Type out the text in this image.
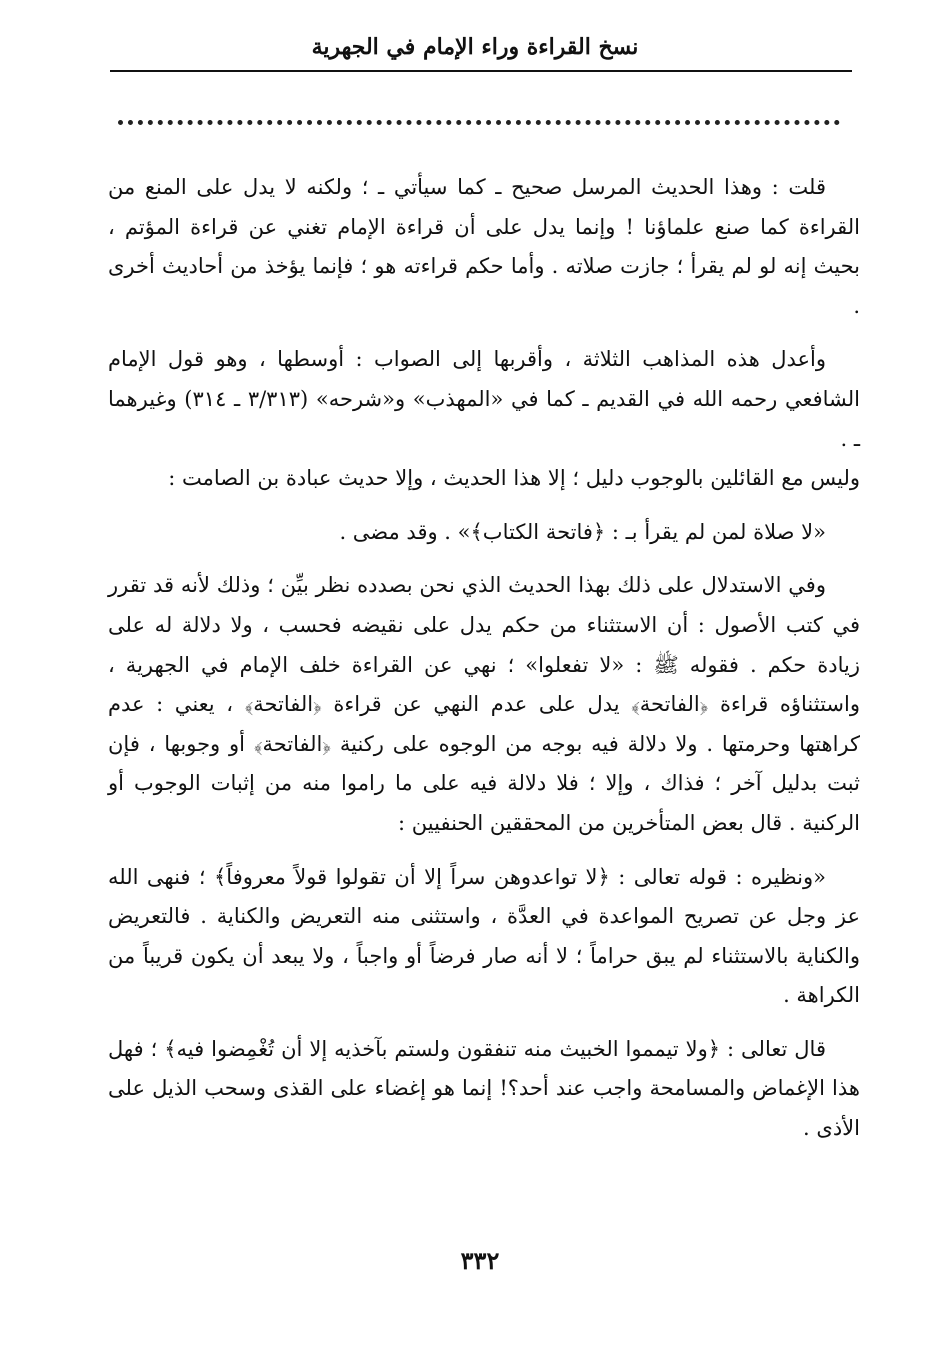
نسخ القراءة وراء الإمام في الجهرية

قلت : وهذا الحديث المرسل صحيح ـ كما سيأتي ـ ؛ ولكنه لا يدل على المنع من القراءة كما صنع علماؤنا ! وإنما يدل على أن قراءة الإمام تغني عن قراءة المؤتم ، بحيث إنه لو لم يقرأ ؛ جازت صلاته . وأما حكم قراءته هو ؛ فإنما يؤخذ من أحاديث أخرى .

وأعدل هذه المذاهب الثلاثة ، وأقربها إلى الصواب : أوسطها ، وهو قول الإمام الشافعي رحمه الله في القديم ـ كما في «المهذب» و«شرحه» (٣/٣١٣ ـ ٣١٤) وغيرهما ـ .

وليس مع القائلين بالوجوب دليل ؛ إلا هذا الحديث ، وإلا حديث عبادة بن الصامت :

«لا صلاة لمن لم يقرأ بـ : ﴿فاتحة الكتاب﴾» . وقد مضى .

وفي الاستدلال على ذلك بهذا الحديث الذي نحن بصدده نظر بيِّن ؛ وذلك لأنه قد تقرر في كتب الأصول : أن الاستثناء من حكم يدل على نقيضه فحسب ، ولا دلالة له على زيادة حكم . فقوله ﷺ : «لا تفعلوا» ؛ نهي عن القراءة خلف الإمام في الجهرية ، واستثناؤه قراءة ﴿الفاتحة﴾ يدل على عدم النهي عن قراءة ﴿الفاتحة﴾ ، يعني : عدم كراهتها وحرمتها . ولا دلالة فيه بوجه من الوجوه على ركنية ﴿الفاتحة﴾ أو وجوبها ، فإن ثبت بدليل آخر ؛ فذاك ، وإلا ؛ فلا دلالة فيه على ما راموا منه من إثبات الوجوب أو الركنية . قال بعض المتأخرين من المحققين الحنفيين :

«ونظيره : قوله تعالى : ﴿لا تواعدوهن سراً إلا أن تقولوا قولاً معروفاً﴾ ؛ فنهى الله عز وجل عن تصريح المواعدة في العدَّة ، واستثنى منه التعريض والكناية . فالتعريض والكناية بالاستثناء لم يبق حراماً ؛ لا أنه صار فرضاً أو واجباً ، ولا يبعد أن يكون قريباً من الكراهة .

قال تعالى : ﴿ولا تيمموا الخبيث منه تنفقون ولستم بآخذيه إلا أن تُغْمِضوا فيه﴾ ؛ فهل هذا الإغماض والمسامحة واجب عند أحد؟! إنما هو إغضاء على القذى وسحب الذيل على الأذى .

٣٣٢
